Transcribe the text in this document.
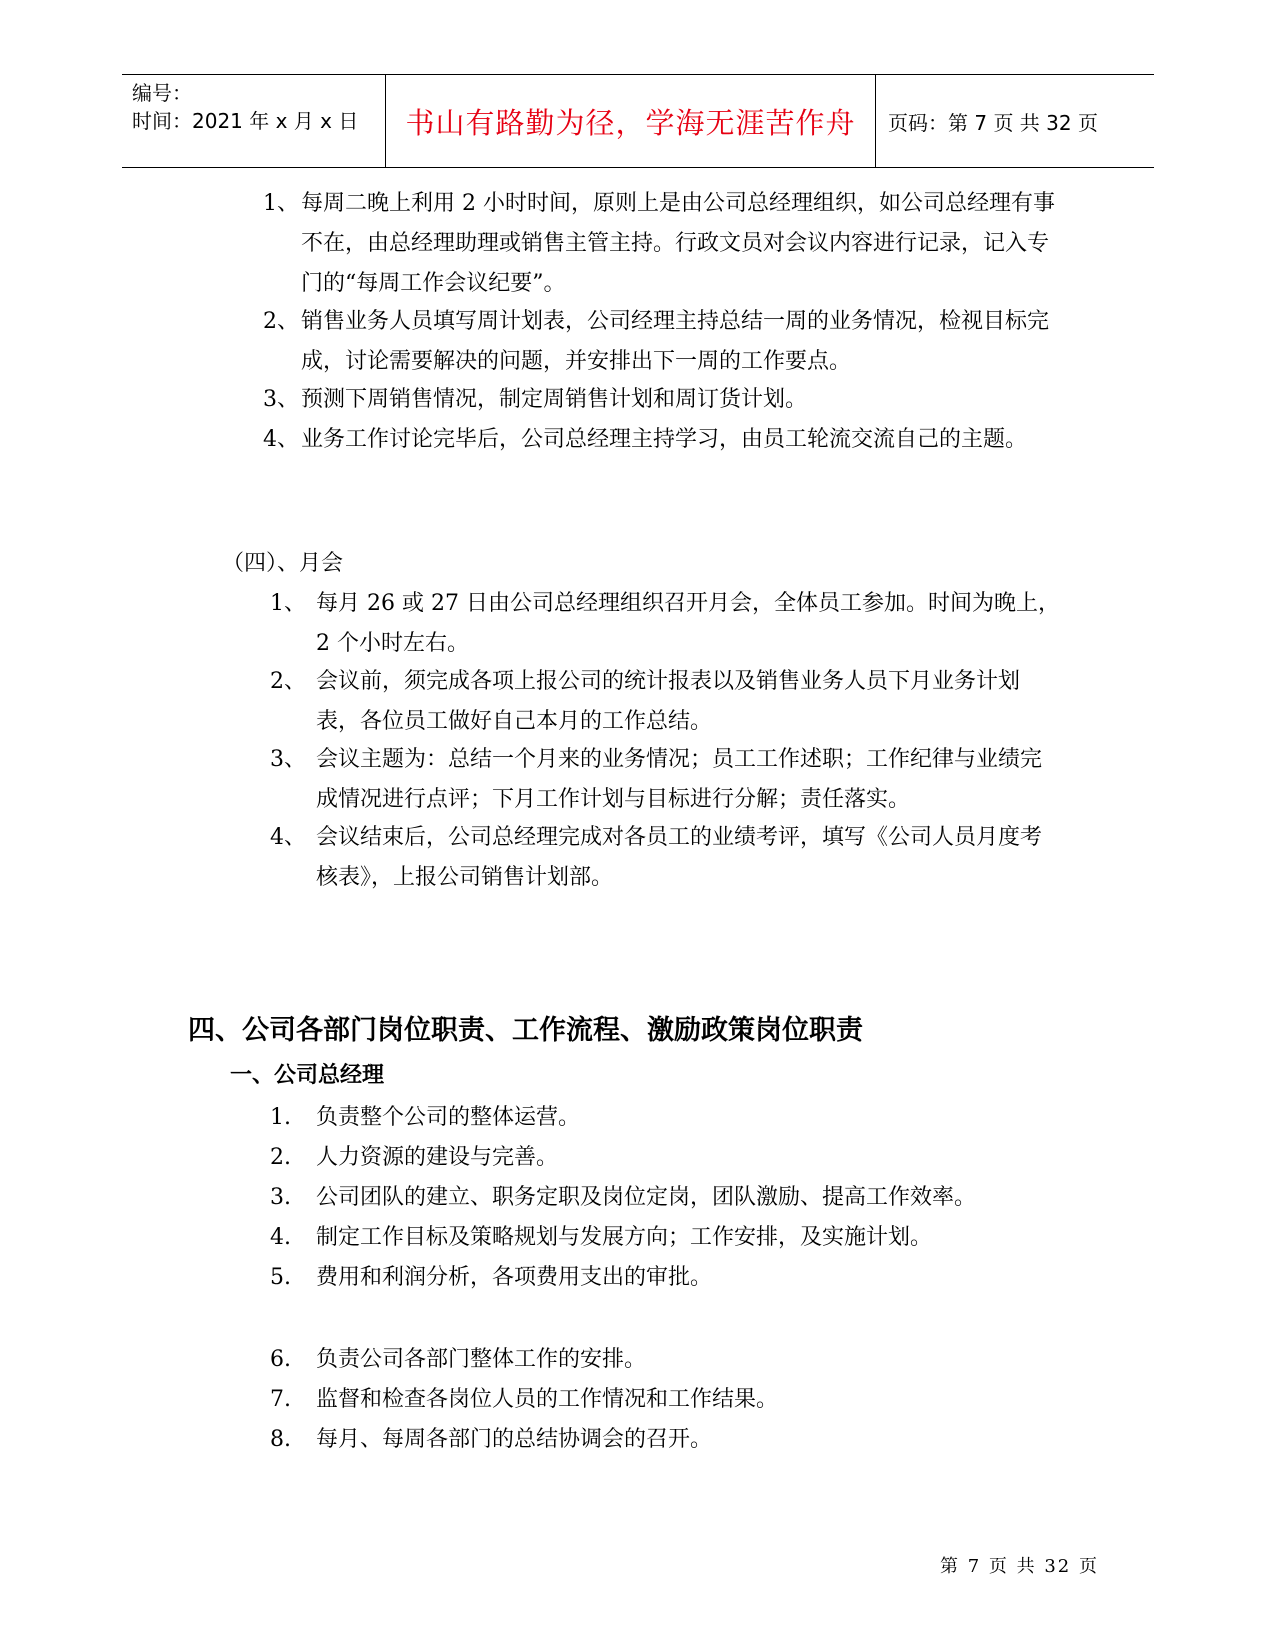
编号：
时间：2021 年 x 月 x 日	书山有路勤为径，学海无涯苦作舟	页码：第 7 页 共 32 页
1、 每周二晚上利用 2 小时时间，原则上是由公司总经理组织，如公司总经理有事不在，由总经理助理或销售主管主持。行政文员对会议内容进行记录，记入专门的“每周工作会议纪要”。
2、 销售业务人员填写周计划表，公司经理主持总结一周的业务情况，检视目标完成，讨论需要解决的问题，并安排出下一周的工作要点。
3、 预测下周销售情况，制定周销售计划和周订货计划。
4、 业务工作讨论完毕后，公司总经理主持学习，由员工轮流交流自己的主题。
（四）、月会
1、 每月 26 或 27 日由公司总经理组织召开月会，全体员工参加。时间为晚上，2 个小时左右。
2、 会议前，须完成各项上报公司的统计报表以及销售业务人员下月业务计划表，各位员工做好自己本月的工作总结。
3、 会议主题为：总结一个月来的业务情况；员工工作述职；工作纪律与业绩完成情况进行点评；下月工作计划与目标进行分解；责任落实。
4、 会议结束后，公司总经理完成对各员工的业绩考评，填写《公司人员月度考核表》，上报公司销售计划部。
四、公司各部门岗位职责、工作流程、激励政策岗位职责
一、公司总经理
1.	负责整个公司的整体运营。
2.	人力资源的建设与完善。
3.	公司团队的建立、职务定职及岗位定岗，团队激励、提高工作效率。
4.	制定工作目标及策略规划与发展方向；工作安排，及实施计划。
5.	费用和利润分析，各项费用支出的审批。
6.	负责公司各部门整体工作的安排。
7.	监督和检查各岗位人员的工作情况和工作结果。
8.	每月、每周各部门的总结协调会的召开。
第 7 页 共 32 页
